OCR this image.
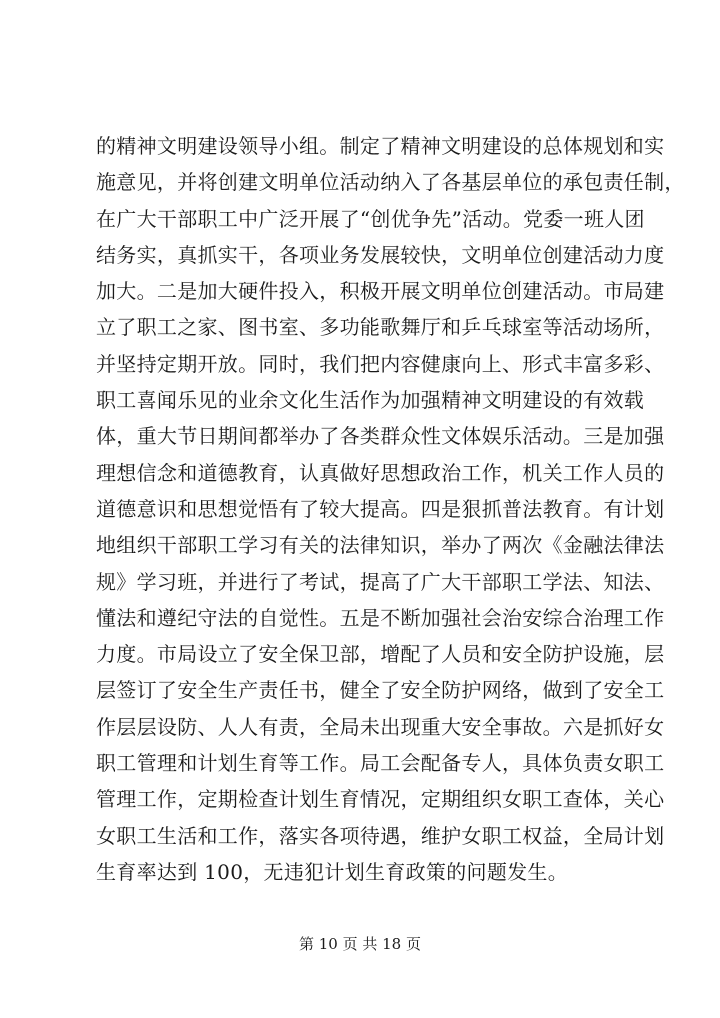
的精神文明建设领导小组。制定了精神文明建设的总体规划和实
施意见，并将创建文明单位活动纳入了各基层单位的承包责任制，
在广大干部职工中广泛开展了“创优争先”活动。党委一班人团
结务实，真抓实干，各项业务发展较快，文明单位创建活动力度
加大。二是加大硬件投入，积极开展文明单位创建活动。市局建
立了职工之家、图书室、多功能歌舞厅和乒乓球室等活动场所，
并坚持定期开放。同时，我们把内容健康向上、形式丰富多彩、
职工喜闻乐见的业余文化生活作为加强精神文明建设的有效载
体，重大节日期间都举办了各类群众性文体娱乐活动。三是加强
理想信念和道德教育，认真做好思想政治工作，机关工作人员的
道德意识和思想觉悟有了较大提高。四是狠抓普法教育。有计划
地组织干部职工学习有关的法律知识，举办了两次《金融法律法
规》学习班，并进行了考试，提高了广大干部职工学法、知法、
懂法和遵纪守法的自觉性。五是不断加强社会治安综合治理工作
力度。市局设立了安全保卫部，增配了人员和安全防护设施，层
层签订了安全生产责任书，健全了安全防护网络，做到了安全工
作层层设防、人人有责，全局未出现重大安全事故。六是抓好女
职工管理和计划生育等工作。局工会配备专人，具体负责女职工
管理工作，定期检查计划生育情况，定期组织女职工查体，关心
女职工生活和工作，落实各项待遇，维护女职工权益，全局计划
生育率达到 100，无违犯计划生育政策的问题发生。
第 10 页 共 18 页
